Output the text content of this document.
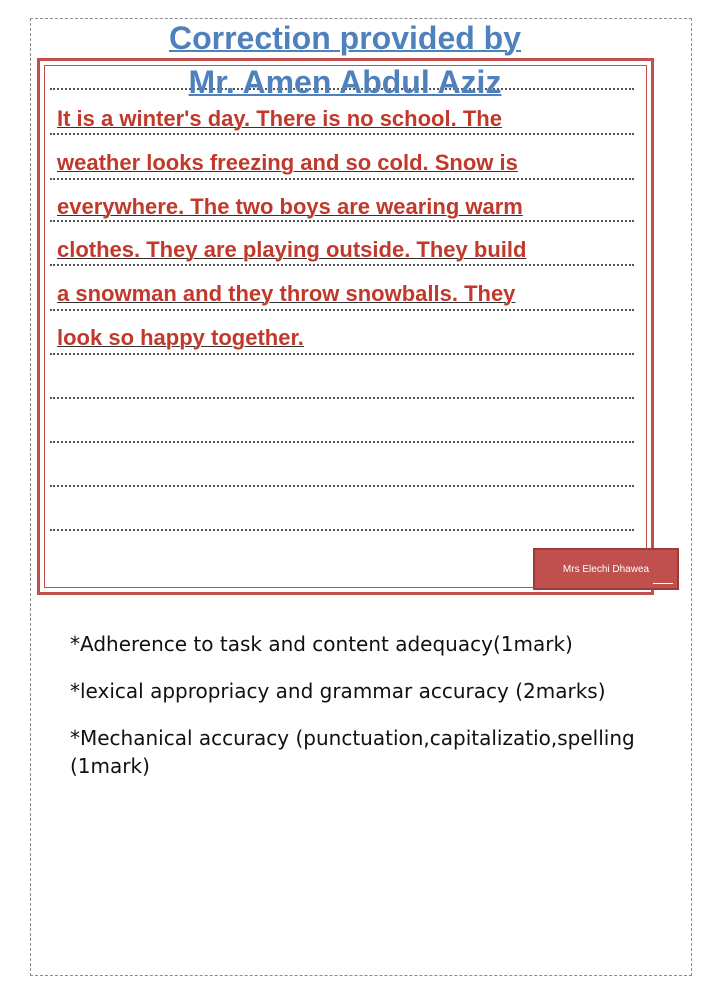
Correction provided by
Mr. Amen Abdul Aziz
It is a winter's day. There is no school. The
weather looks freezing and so cold. Snow is
everywhere. The two boys are wearing warm
clothes. They are playing outside. They build
a snowman and they throw snowballs. They
look so happy together.
Mrs Elechi Dhawea
*Adherence to task and content adequacy(1mark)
*lexical appropriacy and grammar accuracy (2marks)
*Mechanical accuracy (punctuation,capitalizatio,spelling (1mark)
